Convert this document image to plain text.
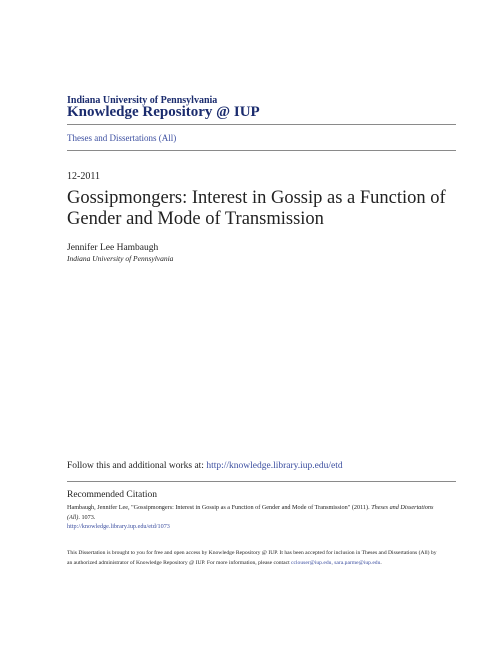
Indiana University of Pennsylvania
Knowledge Repository @ IUP
Theses and Dissertations (All)
12-2011
Gossipmongers: Interest in Gossip as a Function of Gender and Mode of Transmission
Jennifer Lee Hambaugh
Indiana University of Pennsylvania
Follow this and additional works at: http://knowledge.library.iup.edu/etd
Recommended Citation
Hambaugh, Jennifer Lee, "Gossipmongers: Interest in Gossip as a Function of Gender and Mode of Transmission" (2011). Theses and Dissertations (All). 1073.
http://knowledge.library.iup.edu/etd/1073
This Dissertation is brought to you for free and open access by Knowledge Repository @ IUP. It has been accepted for inclusion in Theses and Dissertations (All) by an authorized administrator of Knowledge Repository @ IUP. For more information, please contact cclouser@iup.edu, sara.parme@iup.edu.
